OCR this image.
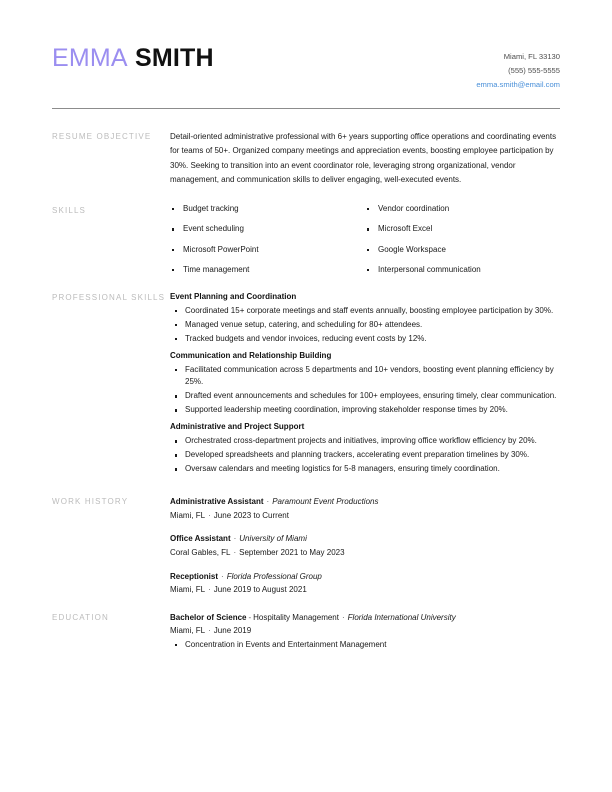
EMMA SMITH	Miami, FL 33130
(555) 555-5555
emma.smith@email.com
RESUME OBJECTIVE	Detail-oriented administrative professional with 6+ years supporting office operations and coordinating events for teams of 50+. Organized company meetings and appreciation events, boosting employee participation by 30%. Seeking to transition into an event coordinator role, leveraging strong organizational, vendor management, and communication skills to deliver engaging, well-executed events.
SKILLS	Budget tracking
Event scheduling
Microsoft PowerPoint
Time management
Vendor coordination
Microsoft Excel
Google Workspace
Interpersonal communication
PROFESSIONAL SKILLS Event Planning and Coordination
Coordinated 15+ corporate meetings and staff events annually, boosting employee participation by 30%.
Managed venue setup, catering, and scheduling for 80+ attendees.
Tracked budgets and vendor invoices, reducing event costs by 12%.
Communication and Relationship Building
Facilitated communication across 5 departments and 10+ vendors, boosting event planning efficiency by 25%.
Drafted event announcements and schedules for 100+ employees, ensuring timely, clear communication.
Supported leadership meeting coordination, improving stakeholder response times by 20%.
Administrative and Project Support
Orchestrated cross-department projects and initiatives, improving office workflow efficiency by 20%.
Developed spreadsheets and planning trackers, accelerating event preparation timelines by 30%.
Oversaw calendars and meeting logistics for 5-8 managers, ensuring timely coordination.
WORK HISTORY	Administrative Assistant · Paramount Event Productions
Miami, FL · June 2023 to Current
Office Assistant · University of Miami
Coral Gables, FL · September 2021 to May 2023
Receptionist · Florida Professional Group
Miami, FL · June 2019 to August 2021
EDUCATION	Bachelor of Science - Hospitality Management · Florida International University
Miami, FL · June 2019
Concentration in Events and Entertainment Management
